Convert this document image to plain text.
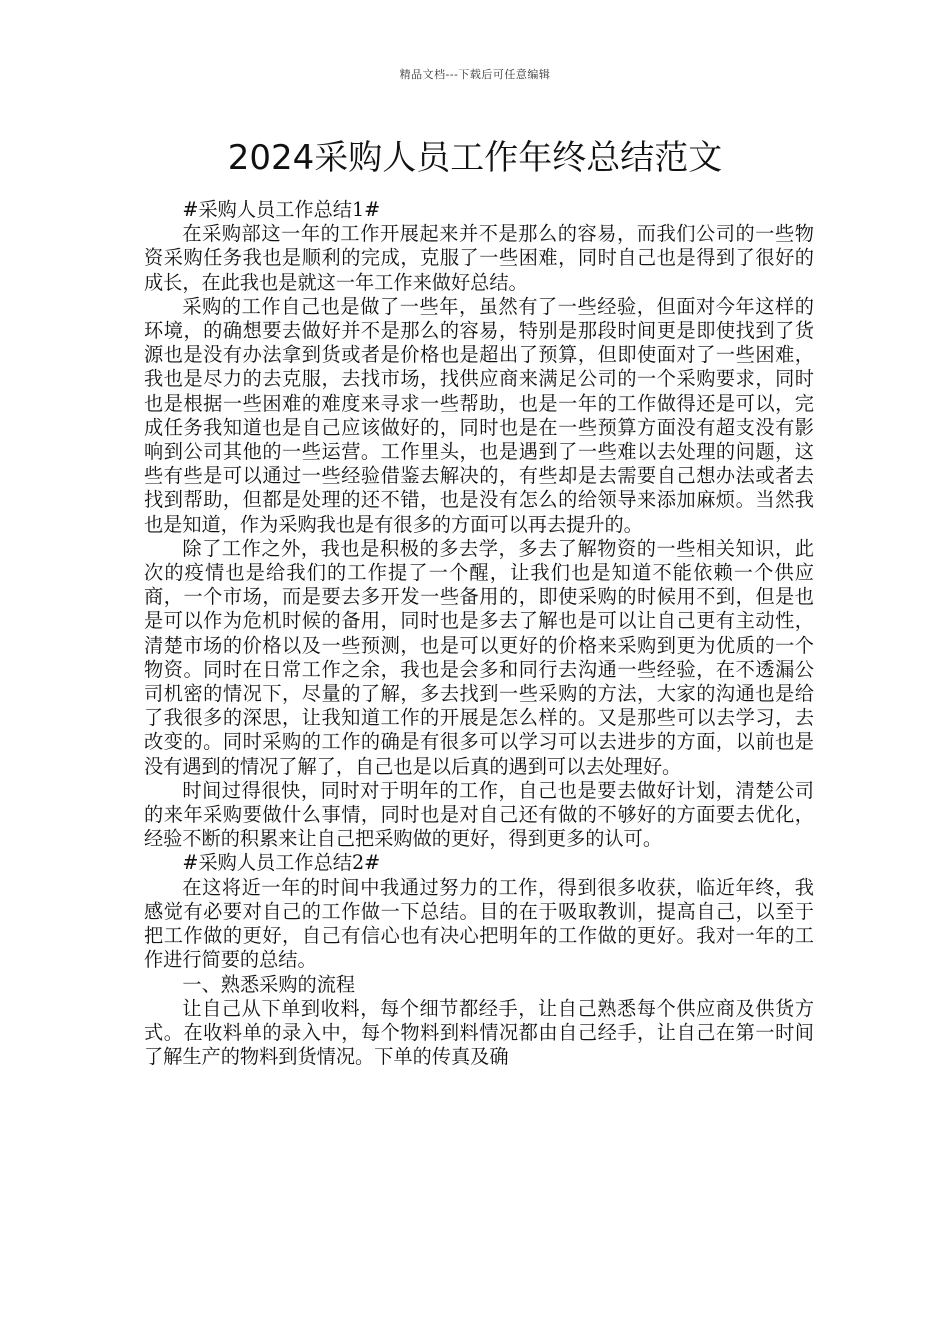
精品文档---下载后可任意编辑
2024采购人员工作年终总结范文

#采购人员工作总结1#

在采购部这一年的工作开展起来并不是那么的容易，而我们公司的一些物资采购任务我也是顺利的完成，克服了一些困难，同时自己也是得到了很好的成长，在此我也是就这一年工作来做好总结。

采购的工作自己也是做了一些年，虽然有了一些经验，但面对今年这样的环境，的确想要去做好并不是那么的容易，特别是那段时间更是即使找到了货源也是没有办法拿到货或者是价格也是超出了预算，但即使面对了一些困难，我也是尽力的去克服，去找市场，找供应商来满足公司的一个采购要求，同时也是根据一些困难的难度来寻求一些帮助，也是一年的工作做得还是可以，完成任务我知道也是自己应该做好的，同时也是在一些预算方面没有超支没有影响到公司其他的一些运营。工作里头，也是遇到了一些难以去处理的问题，这些有些是可以通过一些经验借鉴去解决的，有些却是去需要自己想办法或者去找到帮助，但都是处理的还不错，也是没有怎么的给领导来添加麻烦。当然我也是知道，作为采购我也是有很多的方面可以再去提升的。

除了工作之外，我也是积极的多去学，多去了解物资的一些相关知识，此次的疫情也是给我们的工作提了一个醒，让我们也是知道不能依赖一个供应商，一个市场，而是要去多开发一些备用的，即使采购的时候用不到，但是也是可以作为危机时候的备用，同时也是多去了解也是可以让自己更有主动性，清楚市场的价格以及一些预测，也是可以更好的价格来采购到更为优质的一个物资。同时在日常工作之余，我也是会多和同行去沟通一些经验，在不透漏公司机密的情况下，尽量的了解，多去找到一些采购的方法，大家的沟通也是给了我很多的深思，让我知道工作的开展是怎么样的。又是那些可以去学习，去改变的。同时采购的工作的确是有很多可以学习可以去进步的方面，以前也是没有遇到的情况了解了，自己也是以后真的遇到可以去处理好。

时间过得很快，同时对于明年的工作，自己也是要去做好计划，清楚公司的来年采购要做什么事情，同时也是对自己还有做的不够好的方面要去优化，经验不断的积累来让自己把采购做的更好，得到更多的认可。

#采购人员工作总结2#

在这将近一年的时间中我通过努力的工作，得到很多收获，临近年终，我感觉有必要对自己的工作做一下总结。目的在于吸取教训，提高自己，以至于把工作做的更好，自己有信心也有决心把明年的工作做的更好。我对一年的工作进行简要的总结。

一、熟悉采购的流程

让自己从下单到收料，每个细节都经手，让自己熟悉每个供应商及供货方式。在收料单的录入中，每个物料到料情况都由自己经手，让自己在第一时间了解生产的物料到货情况。下单的传真及确
